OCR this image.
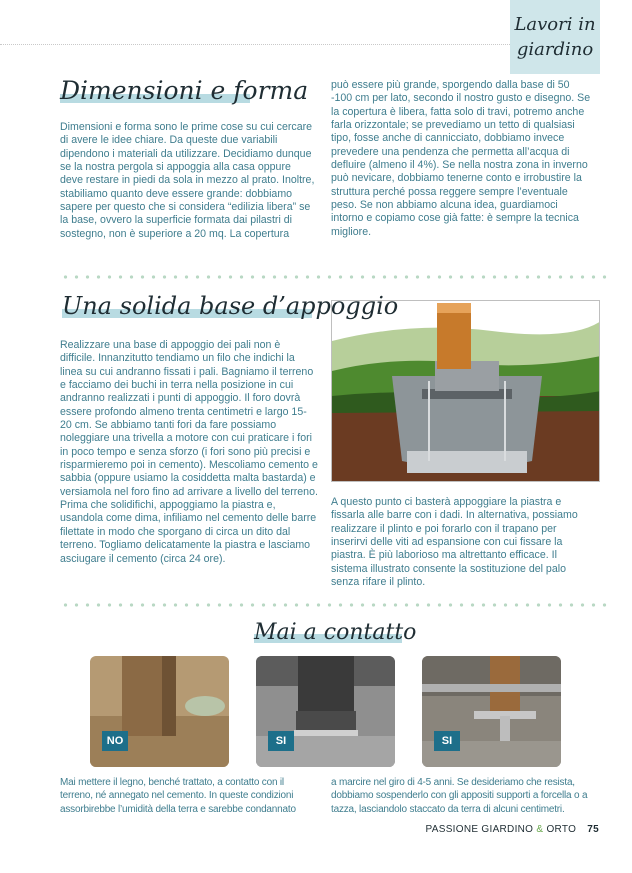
Lavori in
giardino
Dimensioni e forma

Dimensioni e forma sono le prime cose su cui cercare di avere le idee chiare. Da queste due variabili dipendono i materiali da utilizzare. Decidiamo dunque se la nostra pergola si appoggia alla casa oppure deve restare in piedi da sola in mezzo al prato. Inoltre, stabiliamo quanto deve essere grande: dobbiamo sapere per questo che si considera “edilizia libera” se la base, ovvero la superficie formata dai pilastri di sostegno, non è superiore a 20 mq. La copertura

può essere più grande, sporgendo dalla base di 50 -100 cm per lato, secondo il nostro gusto e disegno. Se la copertura è libera, fatta solo di travi, potremo anche farla orizzontale; se prevediamo un tetto di qualsiasi tipo, fosse anche di cannicciato, dobbiamo invece prevedere una pendenza che permetta all’acqua di defluire (almeno il 4%). Se nella nostra zona in inverno può nevicare, dobbiamo tenerne conto e irrobustire la struttura perché possa reggere sempre l’eventuale peso. Se non abbiamo alcuna idea, guardiamoci intorno e copiamo cose già fatte: è sempre la tecnica migliore.

Una solida base d’appoggio

Realizzare una base di appoggio dei pali non è difficile. Innanzitutto tendiamo un filo che indichi la linea su cui andranno fissati i pali. Bagniamo il terreno e facciamo dei buchi in terra nella posizione in cui andranno realizzati i punti di appoggio. Il foro dovrà essere profondo almeno trenta centimetri e largo 15-20 cm. Se abbiamo tanti fori da fare possiamo noleggiare una trivella a motore con cui praticare i fori in poco tempo e senza sforzo (i fori sono più precisi e risparmieremo poi in cemento). Mescoliamo cemento e sabbia (oppure usiamo la cosiddetta malta bastarda) e versiamola nel foro fino ad arrivare a livello del terreno. Prima che solidifichi, appoggiamo la piastra e, usandola come dima, infiliamo nel cemento delle barre filettate in modo che sporgano di circa un dito dal terreno. Togliamo delicatamente la piastra e lasciamo asciugare il cemento (circa 24 ore).

A questo punto ci basterà appoggiare la piastra e fissarla alle barre con i dadi. In alternativa, possiamo realizzare il plinto e poi forarlo con il trapano per inserirvi delle viti ad espansione con cui fissare la piastra. È più laborioso ma altrettanto efficace. Il sistema illustrato consente la sostituzione del palo senza rifare il plinto.

Mai a contatto
NO	SI	SI

Mai mettere il legno, benché trattato, a contatto con il terreno, né annegato nel cemento. In queste condizioni assorbirebbe l’umidità della terra e sarebbe condannato

a marcire nel giro di 4-5 anni. Se desideriamo che resista, dobbiamo sospenderlo con gli appositi supporti a forcella o a tazza, lasciandolo staccato da terra di alcuni centimetri.

PASSIONE GIARDINO & ORTO 75
